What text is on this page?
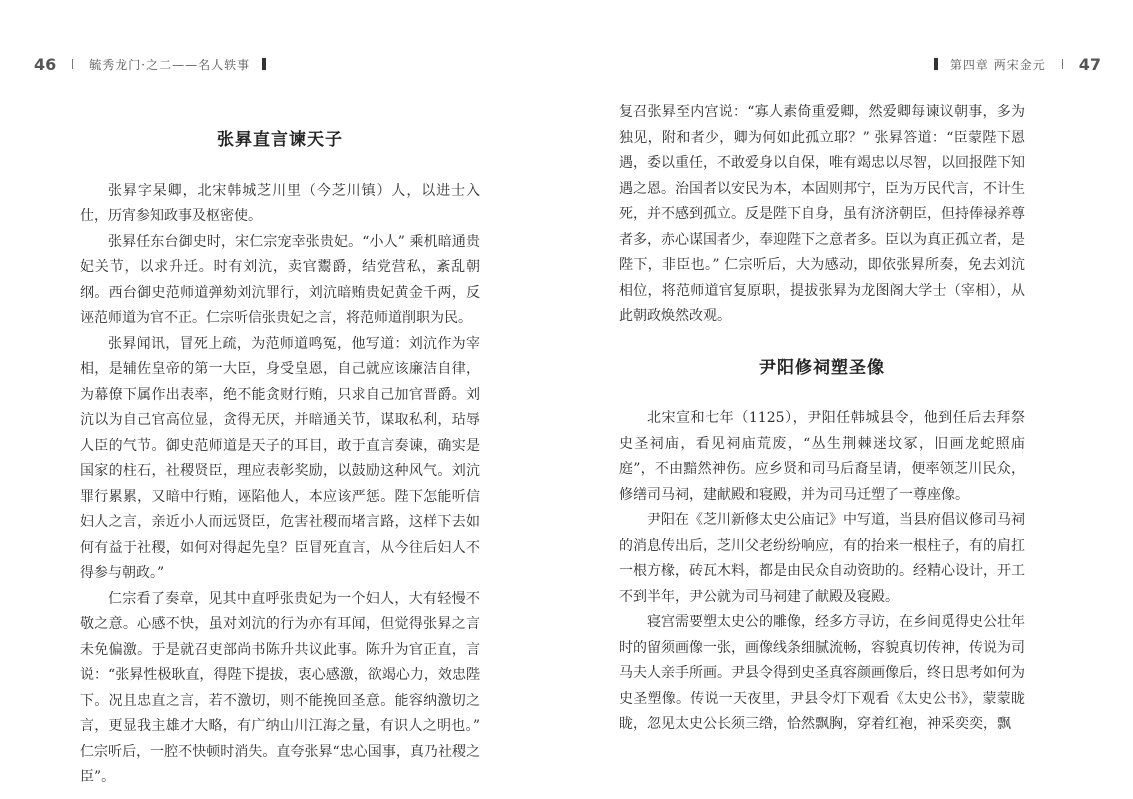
46	毓秀龙门·之二——名人轶事
张昪直言谏天子

张昪字杲卿，北宋韩城芝川里（今芝川镇）人，以进士入仕，历宵参知政事及枢密使。

张昪任东台御史时，宋仁宗宠幸张贵妃。“小人” 乘机暗通贵妃关节，以求升迁。时有刘沆，卖官鬻爵，结党营私，紊乱朝纲。西台御史范师道弹劾刘沆罪行，刘沆暗贿贵妃黄金千两，反诬范师道为官不正。仁宗听信张贵妃之言，将范师道削职为民。

张昪闻讯，冒死上疏，为范师道鸣冤，他写道：刘沆作为宰相，是辅佐皇帝的第一大臣，身受皇恩，自己就应该廉洁自律，为幕僚下属作出表率，绝不能贪财行贿，只求自己加官晋爵。刘沆以为自己官高位显，贪得无厌，并暗通关节，谋取私利，玷辱人臣的气节。御史范师道是天子的耳目，敢于直言奏谏，确实是国家的柱石，社稷贤臣，理应表彰奖励，以鼓励这种风气。刘沆罪行累累，又暗中行贿，诬陷他人，本应该严惩。陛下怎能听信妇人之言，亲近小人而远贤臣，危害社稷而堵言路，这样下去如何有益于社稷，如何对得起先皇？臣冒死直言，从今往后妇人不得参与朝政。”

仁宗看了奏章，见其中直呼张贵妃为一个妇人，大有轻慢不敬之意。心感不快，虽对刘沆的行为亦有耳闻，但觉得张昪之言未免偏激。于是就召吏部尚书陈升共议此事。陈升为官正直，言说：“张昪性极耿直，得陛下提拔，衷心感激，欲竭心力，效忠陛下。况且忠直之言，若不激切，则不能挽回圣意。能容纳激切之言，更显我主雄才大略，有广纳山川江海之量，有识人之明也。” 仁宗听后，一腔不快顿时消失。直夸张昪“忠心国事，真乃社稷之臣”。

第四章 两宋金元 47

复召张昪至内宫说：“寡人素倚重爱卿，然爱卿每谏议朝事，多为独见，附和者少，卿为何如此孤立耶？” 张昪答道：“臣蒙陛下恩遇，委以重任，不敢爱身以自保，唯有竭忠以尽智，以回报陛下知遇之恩。治国者以安民为本，本固则邦宁，臣为万民代言，不计生死，并不感到孤立。反是陛下自身，虽有济济朝臣，但持俸禄养尊者多，赤心谋国者少，奉迎陛下之意者多。臣以为真正孤立者，是陛下，非臣也。” 仁宗听后，大为感动，即依张昪所奏，免去刘沆相位，将范师道官复原职，提拔张昪为龙图阁大学士（宰相），从此朝政焕然改观。

尹阳修祠塑圣像

北宋宣和七年（1125），尹阳任韩城县令，他到任后去拜祭史圣祠庙，看见祠庙荒废，“丛生荆棘迷坟冢，旧画龙蛇照庙庭”，不由黯然神伤。应乡贤和司马后裔呈请，便率领芝川民众，修缮司马祠，建献殿和寝殿，并为司马迁塑了一尊座像。

尹阳在《芝川新修太史公庙记》中写道，当县府倡议修司马祠的消息传出后，芝川父老纷纷响应，有的抬来一根柱子，有的肩扛一根方椽，砖瓦木料，都是由民众自动资助的。经精心设计，开工不到半年，尹公就为司马祠建了献殿及寝殿。

寝宫需要塑太史公的雕像，经多方寻访，在乡间觅得史公壮年时的留须画像一张，画像线条细腻流畅，容貌真切传神，传说为司马夫人亲手所画。尹县令得到史圣真容颜画像后，终日思考如何为史圣塑像。传说一天夜里，尹县令灯下观看《太史公书》，蒙蒙眬眬，忽见太史公长须三绺，恰然飘胸，穿着红袍，神采奕奕，飘
